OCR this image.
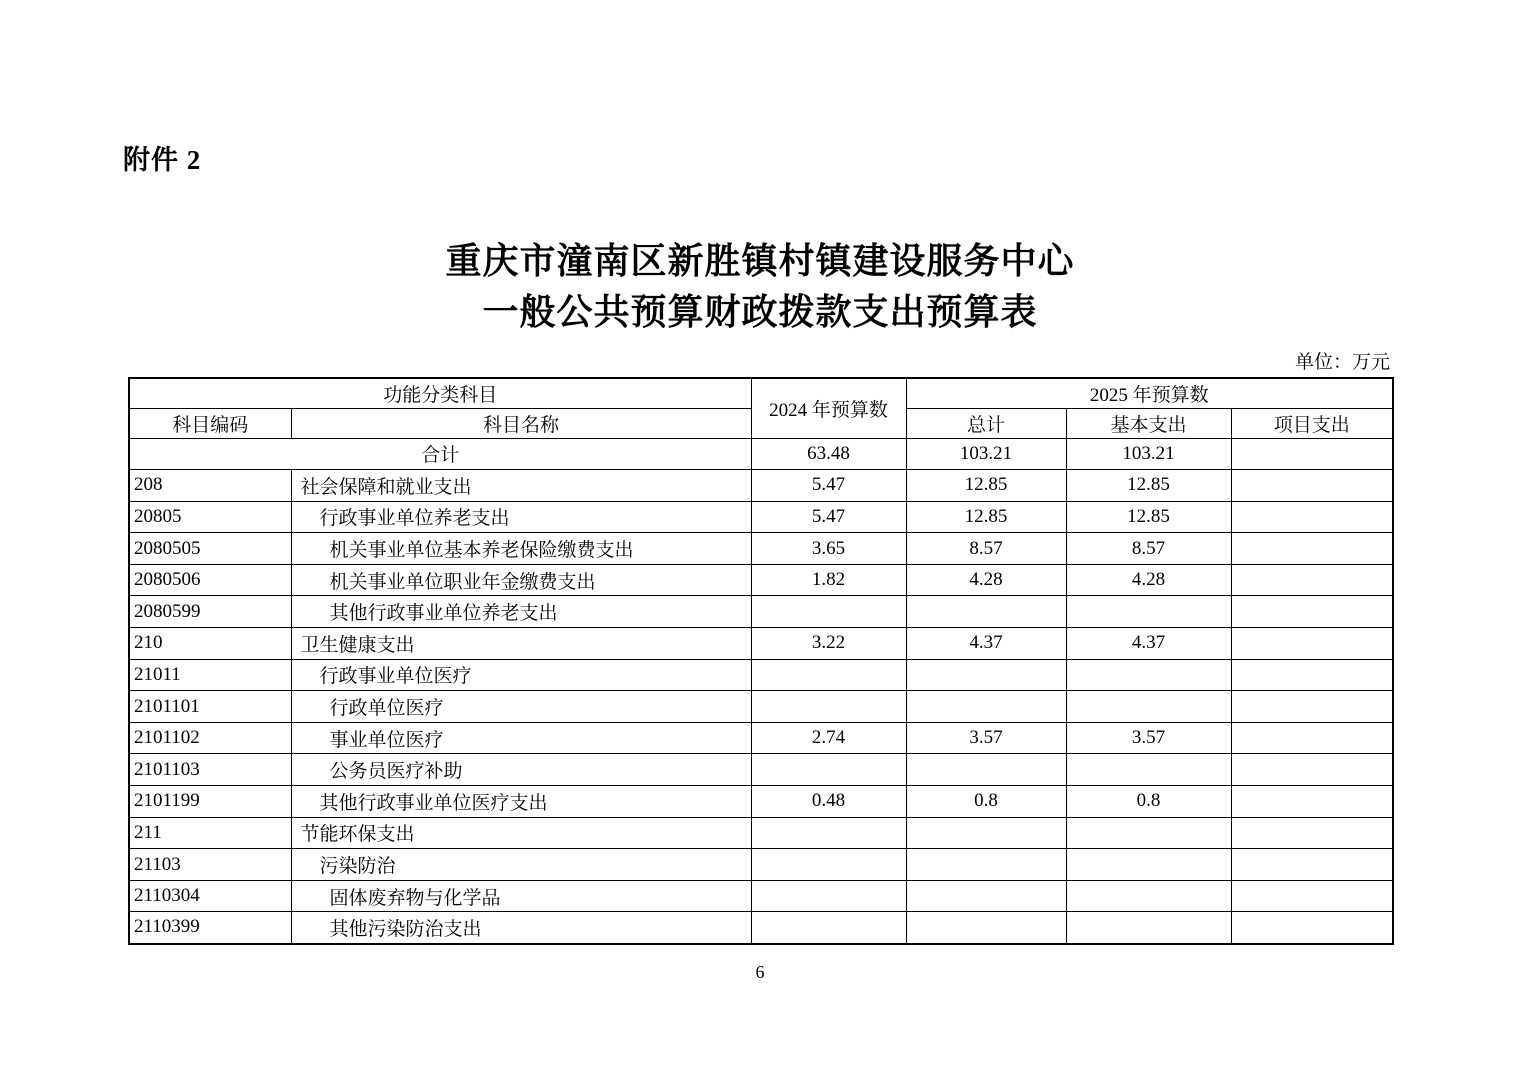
附件 2
重庆市潼南区新胜镇村镇建设服务中心
一般公共预算财政拨款支出预算表
单位：万元
功能分类科目		2024 年预算数	2025 年预算数		
科目编码	科目名称		总计	基本支出	项目支出
合计		63.48	103.21	103.21	
208	社会保障和就业支出	5.47	12.85	12.85	
20805	行政事业单位养老支出	5.47	12.85	12.85	
2080505	机关事业单位基本养老保险缴费支出	3.65	8.57	8.57	
2080506	机关事业单位职业年金缴费支出	1.82	4.28	4.28	
2080599	其他行政事业单位养老支出				
210	卫生健康支出	3.22	4.37	4.37	
21011	行政事业单位医疗				
2101101	行政单位医疗				
2101102	事业单位医疗	2.74	3.57	3.57	
2101103	公务员医疗补助				
2101199	其他行政事业单位医疗支出	0.48	0.8	0.8	
211	节能环保支出				
21103	污染防治				
2110304	固体废弃物与化学品				
2110399	其他污染防治支出				
6
